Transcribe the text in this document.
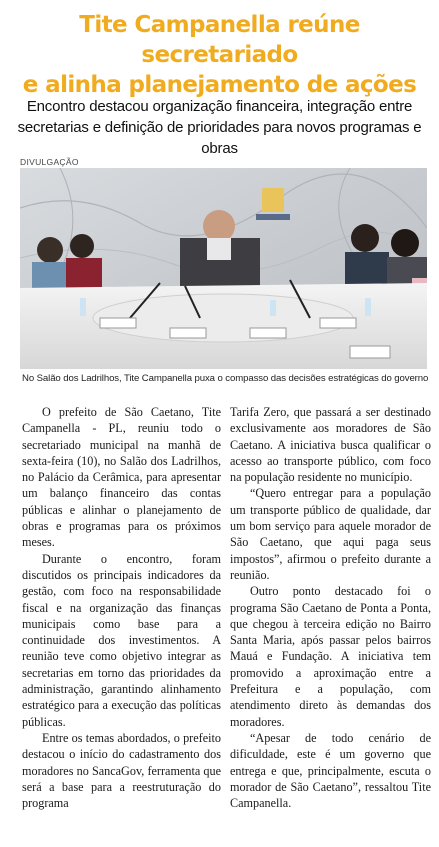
Tite Campanella reúne secretariado
e alinha planejamento de ações
Encontro destacou organização financeira, integração entre
secretarias e definição de prioridades para novos programas e obras
DIVULGAÇÃO
No Salão dos Ladrilhos, Tite Campanella puxa o compasso das decisões estratégicas do governo

O prefeito de São Caetano, Tite Campanella - PL, reuniu todo o secretariado municipal na manhã de sexta-feira (10), no Salão dos Ladrilhos, no Palácio da Cerâmica, para apresentar um balanço financeiro das contas públicas e alinhar o planejamento de obras e programas para os próximos meses.

Durante o encontro, foram discutidos os principais indicadores da gestão, com foco na responsabilidade fiscal e na organização das finanças municipais como base para a continuidade dos investimentos. A reunião teve como objetivo integrar as secretarias em torno das prioridades da administração, garantindo alinhamento estratégico para a execução das políticas públicas.

Entre os temas abordados, o prefeito destacou o início do cadastramento dos moradores no SancaGov, ferramenta que será a base para a reestruturação do programa

Tarifa Zero, que passará a ser destinado exclusivamente aos moradores de São Caetano. A iniciativa busca qualificar o acesso ao transporte público, com foco na população residente no município.

“Quero entregar para a população um transporte público de qualidade, dar um bom serviço para aquele morador de São Caetano, que aqui paga seus impostos”, afirmou o prefeito durante a reunião.

Outro ponto destacado foi o programa São Caetano de Ponta a Ponta, que chegou à terceira edição no Bairro Santa Maria, após passar pelos bairros Mauá e Fundação. A iniciativa tem promovido a aproximação entre a Prefeitura e a população, com atendimento direto às demandas dos moradores.

“Apesar de todo cenário de dificuldade, este é um governo que entrega e que, principalmente, escuta o morador de São Caetano”, ressaltou Tite Campanella.
